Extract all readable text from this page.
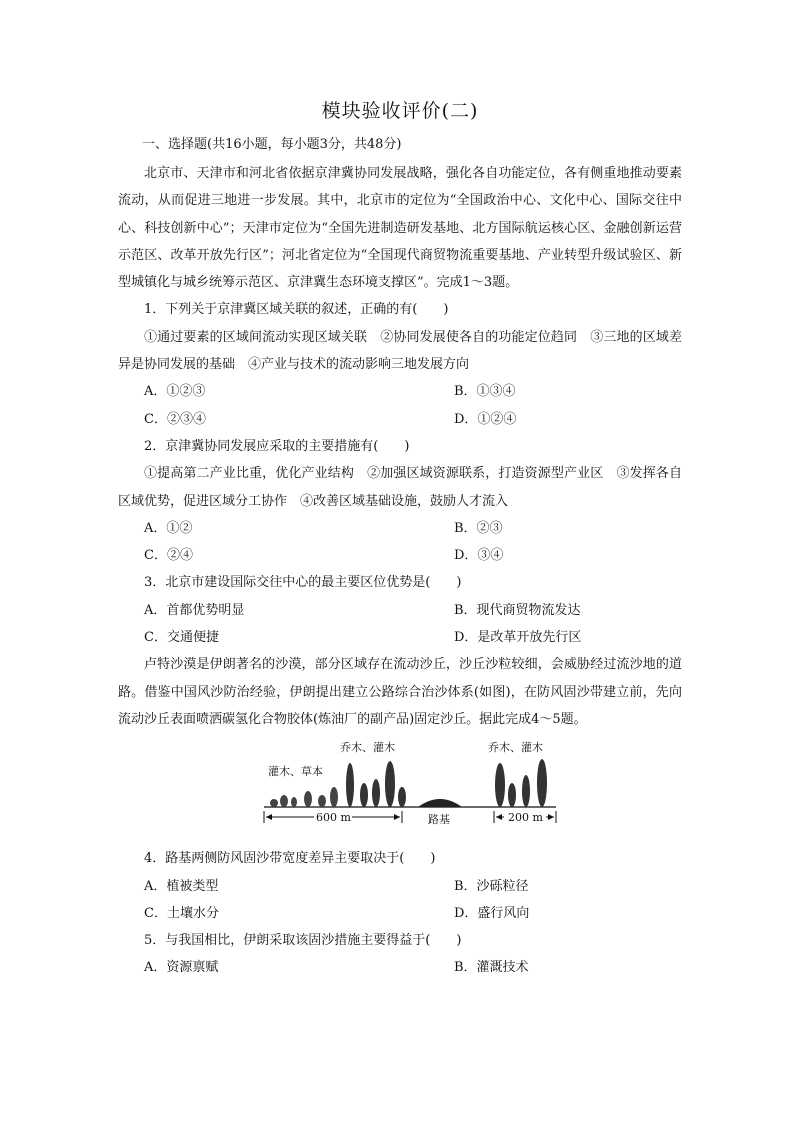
模块验收评价(二)
一、选择题(共16小题，每小题3分，共48分)
北京市、天津市和河北省依据京津冀协同发展战略，强化各自功能定位，各有侧重地推动要素流动，从而促进三地进一步发展。其中，北京市的定位为“全国政治中心、文化中心、国际交往中心、科技创新中心”；天津市定位为“全国先进制造研发基地、北方国际航运核心区、金融创新运营示范区、改革开放先行区”；河北省定位为“全国现代商贸物流重要基地、产业转型升级试验区、新型城镇化与城乡统筹示范区、京津冀生态环境支撑区”。完成1～3题。
1．下列关于京津冀区域关联的叙述，正确的有(　　)
①通过要素的区域间流动实现区域关联　②协同发展使各自的功能定位趋同　③三地的区域差异是协同发展的基础　④产业与技术的流动影响三地发展方向
A．①②③	B．①③④
C．②③④	D．①②④
2．京津冀协同发展应采取的主要措施有(　　)
①提高第二产业比重，优化产业结构　②加强区域资源联系，打造资源型产业区　③发挥各自区域优势，促进区域分工协作　④改善区域基础设施，鼓励人才流入
A．①②	B．②③
C．②④	D．③④
3．北京市建设国际交往中心的最主要区位优势是(　　)
A．首都优势明显	B．现代商贸物流发达
C．交通便捷	D．是改革开放先行区
卢特沙漠是伊朗著名的沙漠，部分区域存在流动沙丘，沙丘沙粒较细，会威胁经过流沙地的道路。借鉴中国风沙防治经验，伊朗提出建立公路综合治沙体系(如图)，在防风固沙带建立前，先向流动沙丘表面喷洒碳氢化合物胶体(炼油厂的副产品)固定沙丘。据此完成4～5题。
灌木、草本
乔木、灌木	乔木、灌木
路基
600 m	200 m
4．路基两侧防风固沙带宽度差异主要取决于(　　)
A．植被类型	B．沙砾粒径
C．土壤水分	D．盛行风向
5．与我国相比，伊朗采取该固沙措施主要得益于(　　)
A．资源禀赋	B．灌溉技术
